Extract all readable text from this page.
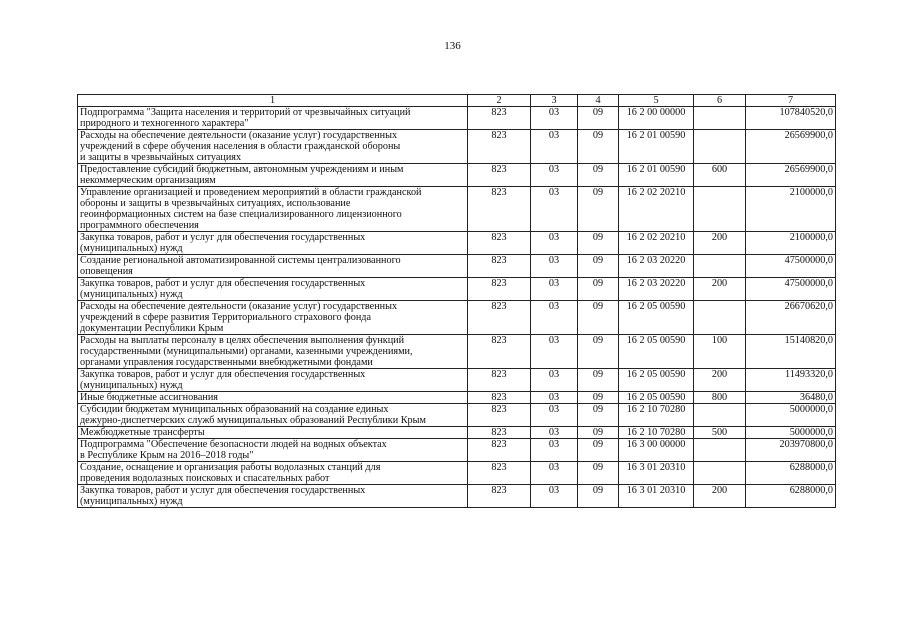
136
1	2	3	4	5	6	7

Подпрограмма "Защита населения и территорий от чрезвычайных ситуаций
природного и техногенного характера"	823	03	09	16 2 00 00000		107840520,0

Расходы на обеспечение деятельности (оказание услуг) государственных
учреждений в сфере обучения населения в области гражданской обороны
и защиты в чрезвычайных ситуациях	823	03	09	16 2 01 00590		26569900,0

Предоставление субсидий бюджетным, автономным учреждениям и иным
некоммерческим организациям	823	03	09	16 2 01 00590	600	26569900,0

Управление организацией и проведением мероприятий в области гражданской
обороны и защиты в чрезвычайных ситуациях, использование
геоинформационных систем на базе специализированного лицензионного
программного обеспечения	823	03	09	16 2 02 20210		2100000,0

Закупка товаров, работ и услуг для обеспечения государственных
(муниципальных) нужд	823	03	09	16 2 02 20210	200	2100000,0

Создание региональной автоматизированной системы централизованного
оповещения	823	03	09	16 2 03 20220		47500000,0

Закупка товаров, работ и услуг для обеспечения государственных
(муниципальных) нужд	823	03	09	16 2 03 20220	200	47500000,0

Расходы на обеспечение деятельности (оказание услуг) государственных
учреждений в сфере развития Территориального страхового фонда
документации Республики Крым	823	03	09	16 2 05 00590		26670620,0

Расходы на выплаты персоналу в целях обеспечения выполнения функций
государственными (муниципальными) органами, казенными учреждениями,
органами управления государственными внебюджетными фондами	823	03	09	16 2 05 00590	100	15140820,0

Закупка товаров, работ и услуг для обеспечения государственных
(муниципальных) нужд	823	03	09	16 2 05 00590	200	11493320,0

Иные бюджетные ассигнования	823	03	09	16 2 05 00590	800	36480,0

Субсидии бюджетам муниципальных образований на создание единых
дежурно-диспетчерских служб муниципальных образований Республики Крым	823	03	09	16 2 10 70280		5000000,0

Межбюджетные трансферты	823	03	09	16 2 10 70280	500	5000000,0

Подпрограмма "Обеспечение безопасности людей на водных объектах
в Республике Крым на 2016–2018 годы"	823	03	09	16 3 00 00000		203970800,0

Создание, оснащение и организация работы водолазных станций для
проведения водолазных поисковых и спасательных работ	823	03	09	16 3 01 20310		6288000,0

Закупка товаров, работ и услуг для обеспечения государственных
(муниципальных) нужд	823	03	09	16 3 01 20310	200	6288000,0
